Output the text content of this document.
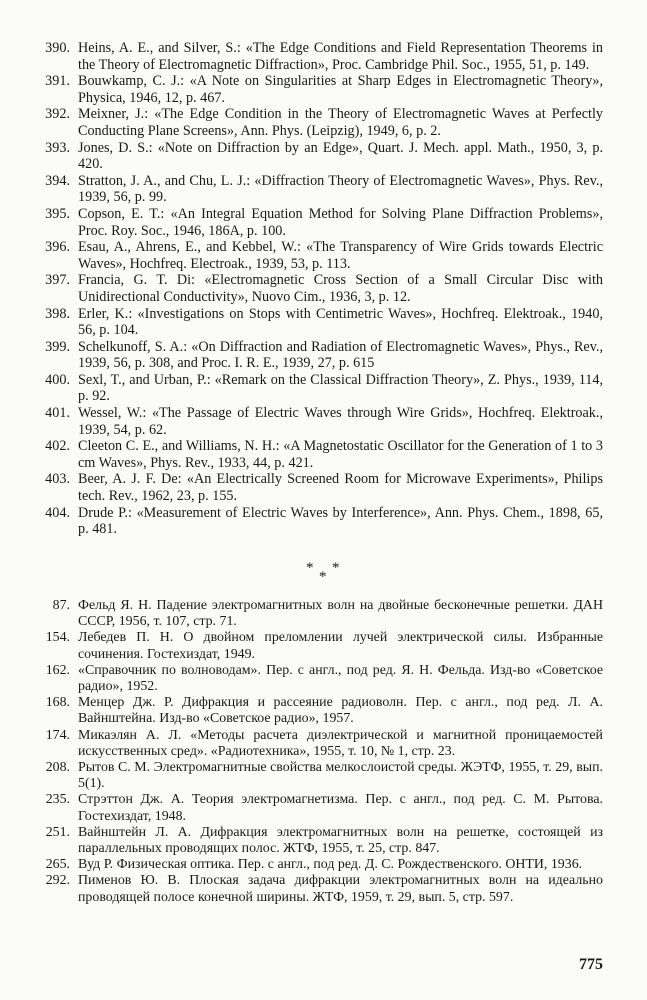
390. Heins, A. E., and Silver, S.: «The Edge Conditions and Field Representation Theorems in the Theory of Electromagnetic Diffraction», Proc. Cambridge Phil. Soc., 1955, 51, p. 149.

391. Bouwkamp, C. J.: «A Note on Singularities at Sharp Edges in Electromagnetic Theory», Physica, 1946, 12, p. 467.

392. Meixner, J.: «The Edge Condition in the Theory of Electromagnetic Waves at Perfectly Conducting Plane Screens», Ann. Phys. (Leipzig), 1949, 6, p. 2.

393. Jones, D. S.: «Note on Diffraction by an Edge», Quart. J. Mech. appl. Math., 1950, 3, p. 420.

394. Stratton, J. A., and Chu, L. J.: «Diffraction Theory of Electromagnetic Waves», Phys. Rev., 1939, 56, p. 99.

395. Copson, E. T.: «An Integral Equation Method for Solving Plane Diffraction Problems», Proc. Roy. Soc., 1946, 186A, p. 100.

396. Esau, A., Ahrens, E., and Kebbel, W.: «The Transparency of Wire Grids towards Electric Waves», Hochfreq. Electroak., 1939, 53, p. 113.

397. Francia, G. T. Di: «Electromagnetic Cross Section of a Small Circular Disc with Unidirectional Conductivity», Nuovo Cim., 1936, 3, p. 12.

398. Erler, K.: «Investigations on Stops with Centimetric Waves», Hochfreq. Elektroak., 1940, 56, p. 104.

399. Schelkunoff, S. A.: «On Diffraction and Radiation of Electromagnetic Waves», Phys., Rev., 1939, 56, p. 308, and Proc. I. R. E., 1939, 27, p. 615

400. Sexl, T., and Urban, P.: «Remark on the Classical Diffraction Theory», Z. Phys., 1939, 114, p. 92.

401. Wessel, W.: «The Passage of Electric Waves through Wire Grids», Hochfreq. Elektroak., 1939, 54, p. 62.

402. Cleeton C. E., and Williams, N. H.: «A Magnetostatic Oscillator for the Generation of 1 to 3 cm Waves», Phys. Rev., 1933, 44, p. 421.

403. Beer, A. J. F. De: «An Electrically Screened Room for Microwave Experiments», Philips tech. Rev., 1962, 23, p. 155.

404. Drude P.: «Measurement of Electric Waves by Interference», Ann. Phys. Chem., 1898, 65, p. 481.

* *
*

87. Фельд Я. Н. Падение электромагнитных волн на двойные бесконечные решетки. ДАН СССР, 1956, т. 107, стр. 71.

154. Лебедев П. Н. О двойном преломлении лучей электрической силы. Избранные сочинения. Гостехиздат, 1949.

162. «Справочник по волноводам». Пер. с англ., под ред. Я. Н. Фельда. Изд-во «Советское радио», 1952.

168. Менцер Дж. Р. Дифракция и рассеяние радиоволн. Пер. с англ., под ред. Л. А. Вайнштейна. Изд-во «Советское радио», 1957.

174. Микаэлян А. Л. «Методы расчета диэлектрической и магнитной проницаемостей искусственных сред». «Радиотехника», 1955, т. 10, № 1, стр. 23.

208. Рытов С. М. Электромагнитные свойства мелкослоистой среды. ЖЭТФ, 1955, т. 29, вып. 5(1).

235. Стрэттон Дж. А. Теория электромагнетизма. Пер. с англ., под ред. С. М. Рытова. Гостехиздат, 1948.

251. Вайнштейн Л. А. Дифракция электромагнитных волн на решетке, состоящей из параллельных проводящих полос. ЖТФ, 1955, т. 25, стр. 847.

265. Вуд Р. Физическая оптика. Пер. с англ., под ред. Д. С. Рождественского. ОНТИ, 1936.

292. Пименов Ю. В. Плоская задача дифракции электромагнитных волн на идеально проводящей полосе конечной ширины. ЖТФ, 1959, т. 29, вып. 5, стр. 597.

775
